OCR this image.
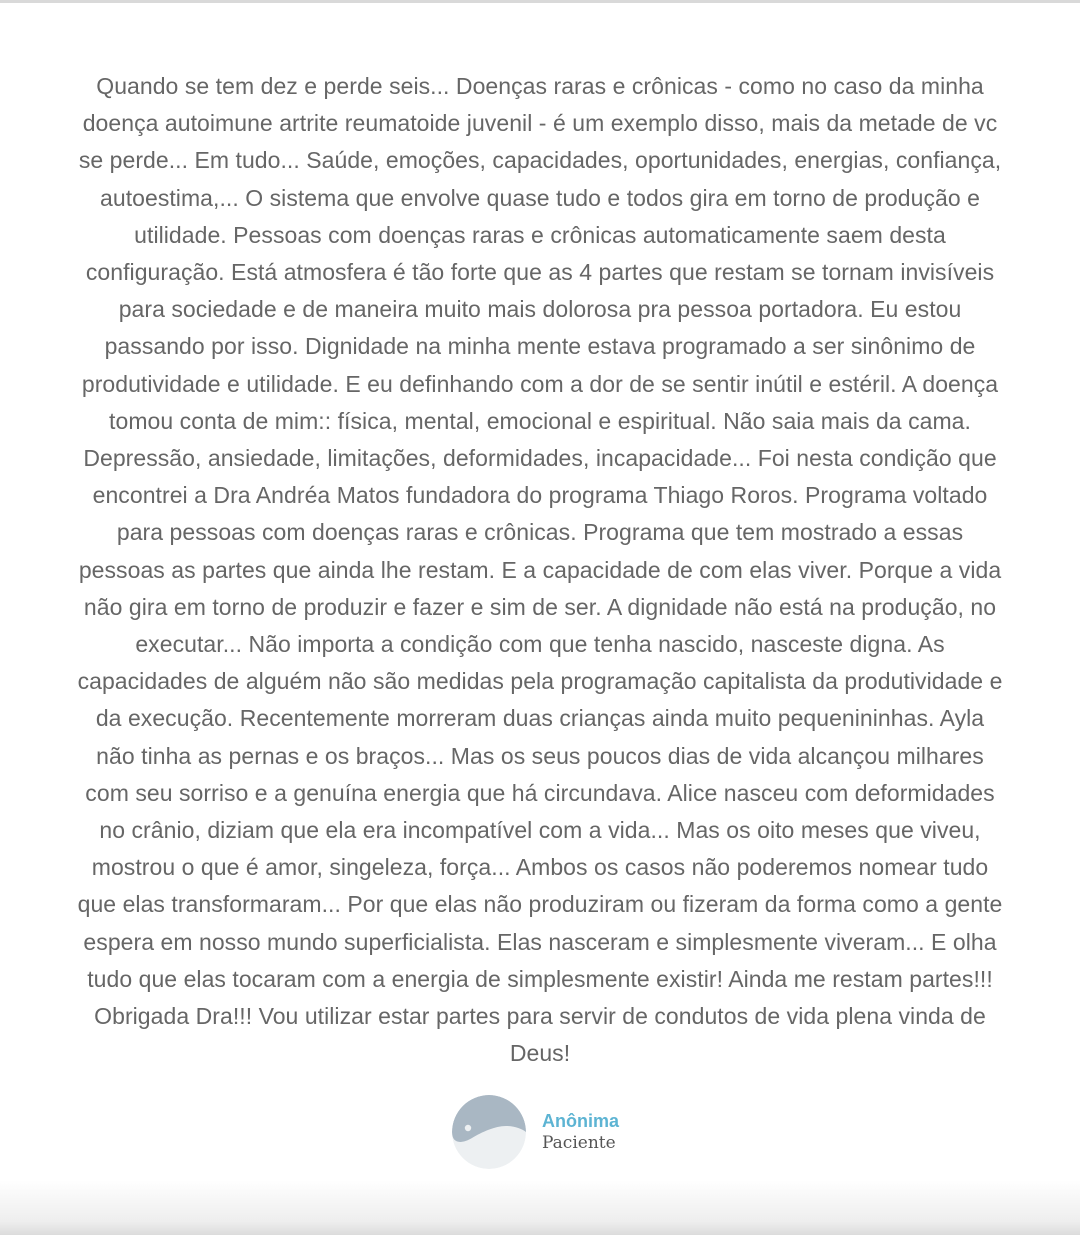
Quando se tem dez e perde seis... Doenças raras e crônicas - como no caso da minha
doença autoimune artrite reumatoide juvenil - é um exemplo disso, mais da metade de vc
se perde... Em tudo... Saúde, emoções, capacidades, oportunidades, energias, confiança,
autoestima,... O sistema que envolve quase tudo e todos gira em torno de produção e
utilidade. Pessoas com doenças raras e crônicas automaticamente saem desta
configuração. Está atmosfera é tão forte que as 4 partes que restam se tornam invisíveis
para sociedade e de maneira muito mais dolorosa pra pessoa portadora. Eu estou
passando por isso. Dignidade na minha mente estava programado a ser sinônimo de
produtividade e utilidade. E eu definhando com a dor de se sentir inútil e estéril. A doença
tomou conta de mim:: física, mental, emocional e espiritual. Não saia mais da cama.
Depressão, ansiedade, limitações, deformidades, incapacidade... Foi nesta condição que
encontrei a Dra Andréa Matos fundadora do programa Thiago Roros. Programa voltado
para pessoas com doenças raras e crônicas. Programa que tem mostrado a essas
pessoas as partes que ainda lhe restam. E a capacidade de com elas viver. Porque a vida
não gira em torno de produzir e fazer e sim de ser. A dignidade não está na produção, no
executar... Não importa a condição com que tenha nascido, nasceste digna. As
capacidades de alguém não são medidas pela programação capitalista da produtividade e
da execução. Recentemente morreram duas crianças ainda muito pequenininhas. Ayla
não tinha as pernas e os braços... Mas os seus poucos dias de vida alcançou milhares
com seu sorriso e a genuína energia que há circundava. Alice nasceu com deformidades
no crânio, diziam que ela era incompatível com a vida... Mas os oito meses que viveu,
mostrou o que é amor, singeleza, força... Ambos os casos não poderemos nomear tudo
que elas transformaram... Por que elas não produziram ou fizeram da forma como a gente
espera em nosso mundo superficialista. Elas nasceram e simplesmente viveram... E olha
tudo que elas tocaram com a energia de simplesmente existir! Ainda me restam partes!!!
Obrigada Dra!!! Vou utilizar estar partes para servir de condutos de vida plena vinda de
Deus!

Anônima
Paciente
